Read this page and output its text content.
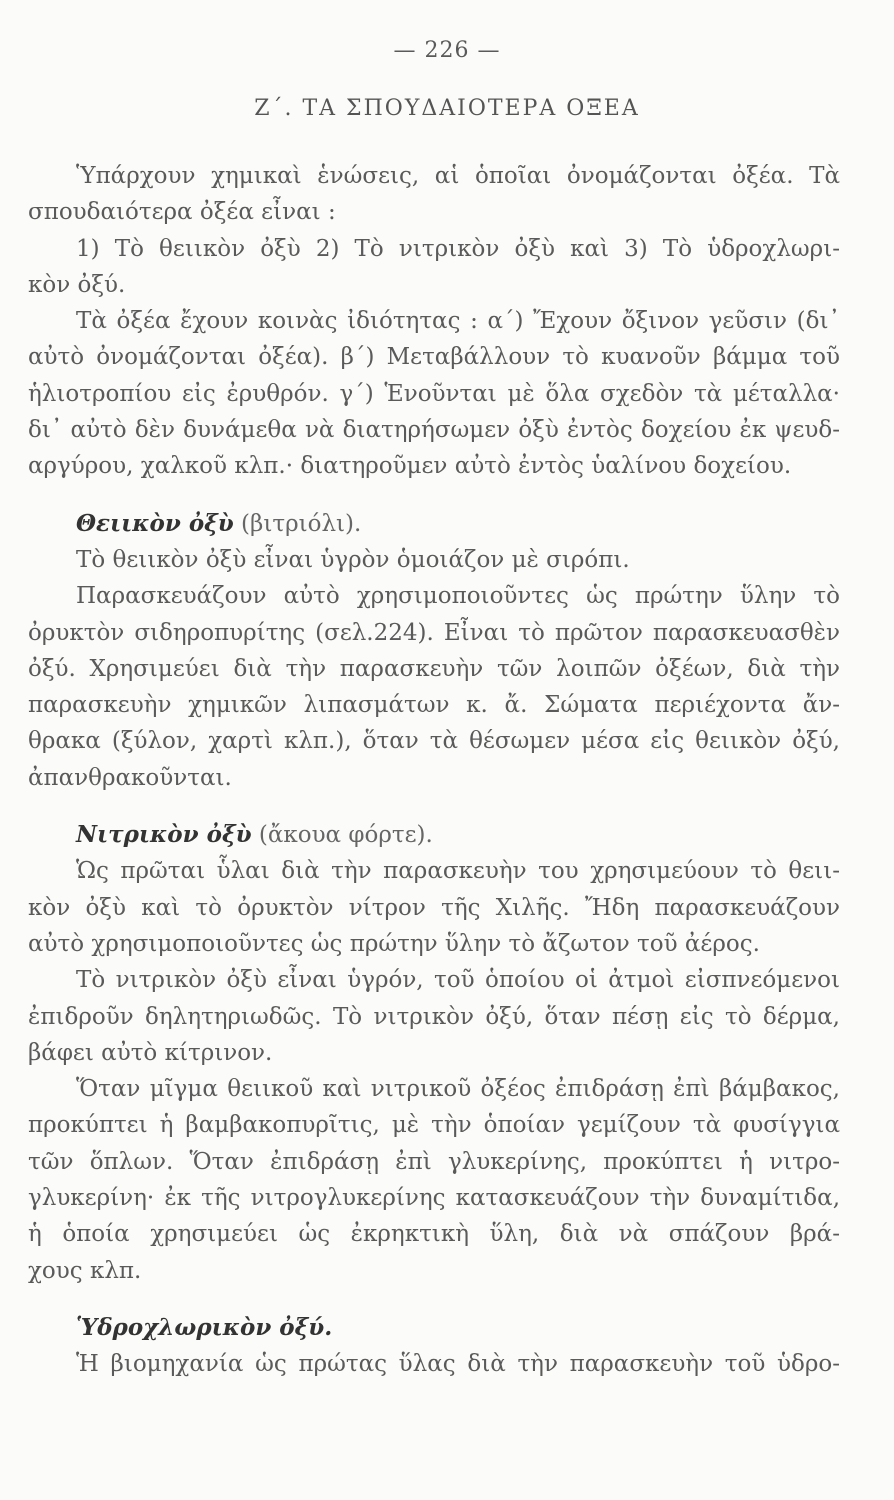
— 226 —
Ζ΄. ΤΑ ΣΠΟΥΔΑΙΟΤΕΡΑ ΟΞΕΑ
Ὑπάρχουν χημικαὶ ἑνώσεις, αἱ ὁποῖαι ὀνομάζονται ὀξέα. Τὰ
σπουδαιότερα ὀξέα εἶναι :
1) Τὸ θειικὸν ὀξὺ 2) Τὸ νιτρικὸν ὀξὺ καὶ 3) Τὸ ὑδροχλωρι-
κὸν ὀξύ.
Τὰ ὀξέα ἔχουν κοινὰς ἰδιότητας : α΄) Ἔχουν ὄξινον γεῦσιν (δι᾿
αὐτὸ ὀνομάζονται ὀξέα). β΄) Μεταβάλλουν τὸ κυανοῦν βάμμα τοῦ
ἡλιοτροπίου εἰς ἐρυθρόν. γ΄) Ἑνοῦνται μὲ ὅλα σχεδὸν τὰ μέταλλα·
δι᾿ αὐτὸ δὲν δυνάμεθα νὰ διατηρήσωμεν ὀξὺ ἐντὸς δοχείου ἐκ ψευδ-
αργύρου, χαλκοῦ κλπ.· διατηροῦμεν αὐτὸ ἐντὸς ὑαλίνου δοχείου.
Θειικὸν ὀξὺ (βιτριόλι).
Τὸ θειικὸν ὀξὺ εἶναι ὑγρὸν ὁμοιάζον μὲ σιρόπι.
Παρασκευάζουν αὐτὸ χρησιμοποιοῦντες ὡς πρώτην ὕλην τὸ
ὀρυκτὸν σιδηροπυρίτης (σελ.224). Εἶναι τὸ πρῶτον παρασκευασθὲν
ὀξύ. Χρησιμεύει διὰ τὴν παρασκευὴν τῶν λοιπῶν ὀξέων, διὰ τὴν
παρασκευὴν χημικῶν λιπασμάτων κ. ἄ. Σώματα περιέχοντα ἄν-
θρακα (ξύλον, χαρτὶ κλπ.), ὅταν τὰ θέσωμεν μέσα εἰς θειικὸν ὀξύ,
ἀπανθρακοῦνται.
Νιτρικὸν ὀξὺ (ἄκουα φόρτε).
Ὡς πρῶται ὗλαι διὰ τὴν παρασκευὴν του χρησιμεύουν τὸ θειι-
κὸν ὀξὺ καὶ τὸ ὀρυκτὸν νίτρον τῆς Χιλῆς. Ἤδη παρασκευάζουν
αὐτὸ χρησιμοποιοῦντες ὡς πρώτην ὕλην τὸ ἄζωτον τοῦ ἀέρος.
Τὸ νιτρικὸν ὀξὺ εἶναι ὑγρόν, τοῦ ὁποίου οἱ ἀτμοὶ εἰσπνεόμενοι
ἐπιδροῦν δηλητηριωδῶς. Τὸ νιτρικὸν ὀξύ, ὅταν πέσῃ εἰς τὸ δέρμα,
βάφει αὐτὸ κίτρινον.
Ὅταν μῖγμα θειικοῦ καὶ νιτρικοῦ ὀξέος ἐπιδράσῃ ἐπὶ βάμβακος,
προκύπτει ἡ βαμβακοπυρῖτις, μὲ τὴν ὁποίαν γεμίζουν τὰ φυσίγγια
τῶν ὅπλων. Ὅταν ἐπιδράσῃ ἐπὶ γλυκερίνης, προκύπτει ἡ νιτρο-
γλυκερίνη· ἐκ τῆς νιτρογλυκερίνης κατασκευάζουν τὴν δυναμίτιδα,
ἡ ὁποία χρησιμεύει ὡς ἐκρηκτικὴ ὕλη, διὰ νὰ σπάζουν βρά-
χους κλπ.
Ὑδροχλωρικὸν ὀξύ.
Ἡ βιομηχανία ὡς πρώτας ὕλας διὰ τὴν παρασκευὴν τοῦ ὑδρο-
